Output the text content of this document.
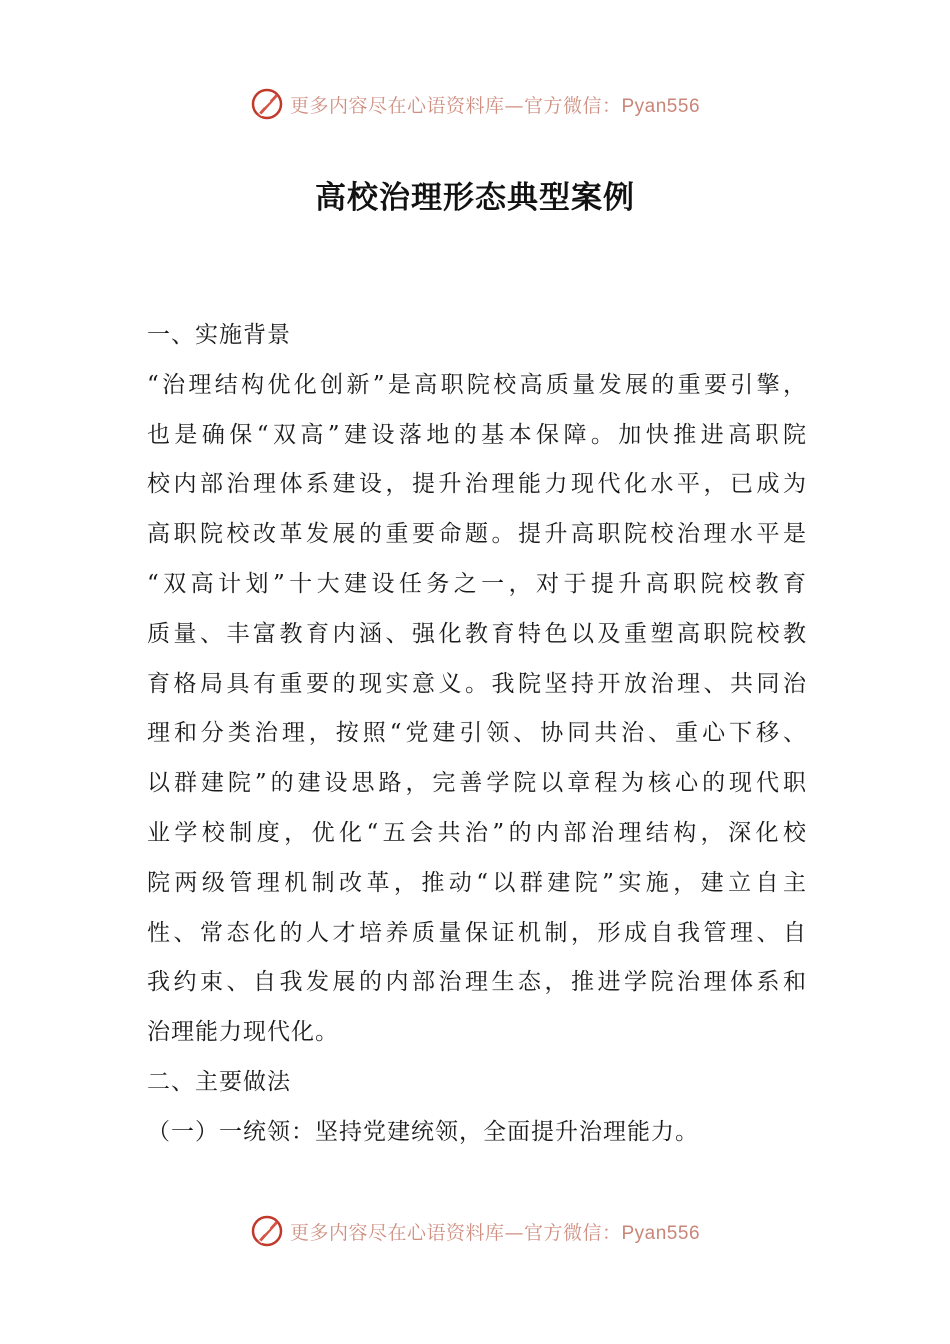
更多内容尽在心语资料库—官方微信：Pyan556
高校治理形态典型案例
一、实施背景
“治理结构优化创新”是高职院校高质量发展的重要引擎，
也是确保“双高”建设落地的基本保障。加快推进高职院
校内部治理体系建设，提升治理能力现代化水平，已成为
高职院校改革发展的重要命题。提升高职院校治理水平是
“双高计划”十大建设任务之一，对于提升高职院校教育
质量、丰富教育内涵、强化教育特色以及重塑高职院校教
育格局具有重要的现实意义。我院坚持开放治理、共同治
理和分类治理，按照“党建引领、协同共治、重心下移、
以群建院”的建设思路，完善学院以章程为核心的现代职
业学校制度，优化“五会共治”的内部治理结构，深化校
院两级管理机制改革，推动“以群建院”实施，建立自主
性、常态化的人才培养质量保证机制，形成自我管理、自
我约束、自我发展的内部治理生态，推进学院治理体系和
治理能力现代化。
二、主要做法
（一）一统领：坚持党建统领，全面提升治理能力。
更多内容尽在心语资料库—官方微信：Pyan556
